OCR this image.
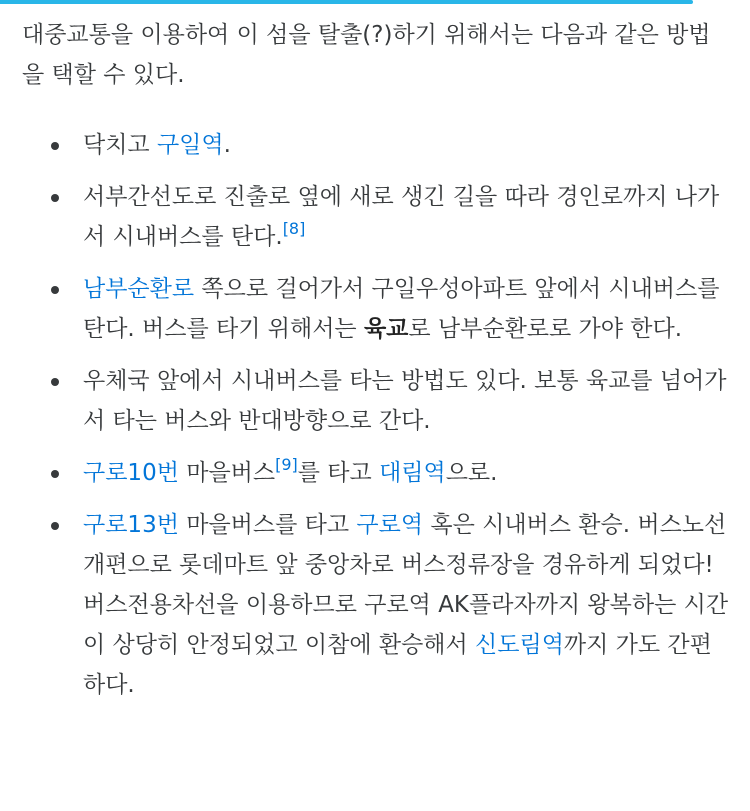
대중교통을 이용하여 이 섬을 탈출(?)하기 위해서는 다음과 같은 방법을 택할 수 있다.

닥치고 구일역.
서부간선도로 진출로 옆에 새로 생긴 길을 따라 경인로까지 나가서 시내버스를 탄다.[8]
남부순환로 쪽으로 걸어가서 구일우성아파트 앞에서 시내버스를 탄다. 버스를 타기 위해서는 육교로 남부순환로로 가야 한다.
우체국 앞에서 시내버스를 타는 방법도 있다. 보통 육교를 넘어가서 타는 버스와 반대방향으로 간다.
구로10번 마을버스[9]를 타고 대림역으로.
구로13번 마을버스를 타고 구로역 혹은 시내버스 환승. 버스노선 개편으로 롯데마트 앞 중앙차로 버스정류장을 경유하게 되었다! 버스전용차선을 이용하므로 구로역 AK플라자까지 왕복하는 시간이 상당히 안정되었고 이참에 환승해서 신도림역까지 가도 간편하다.
